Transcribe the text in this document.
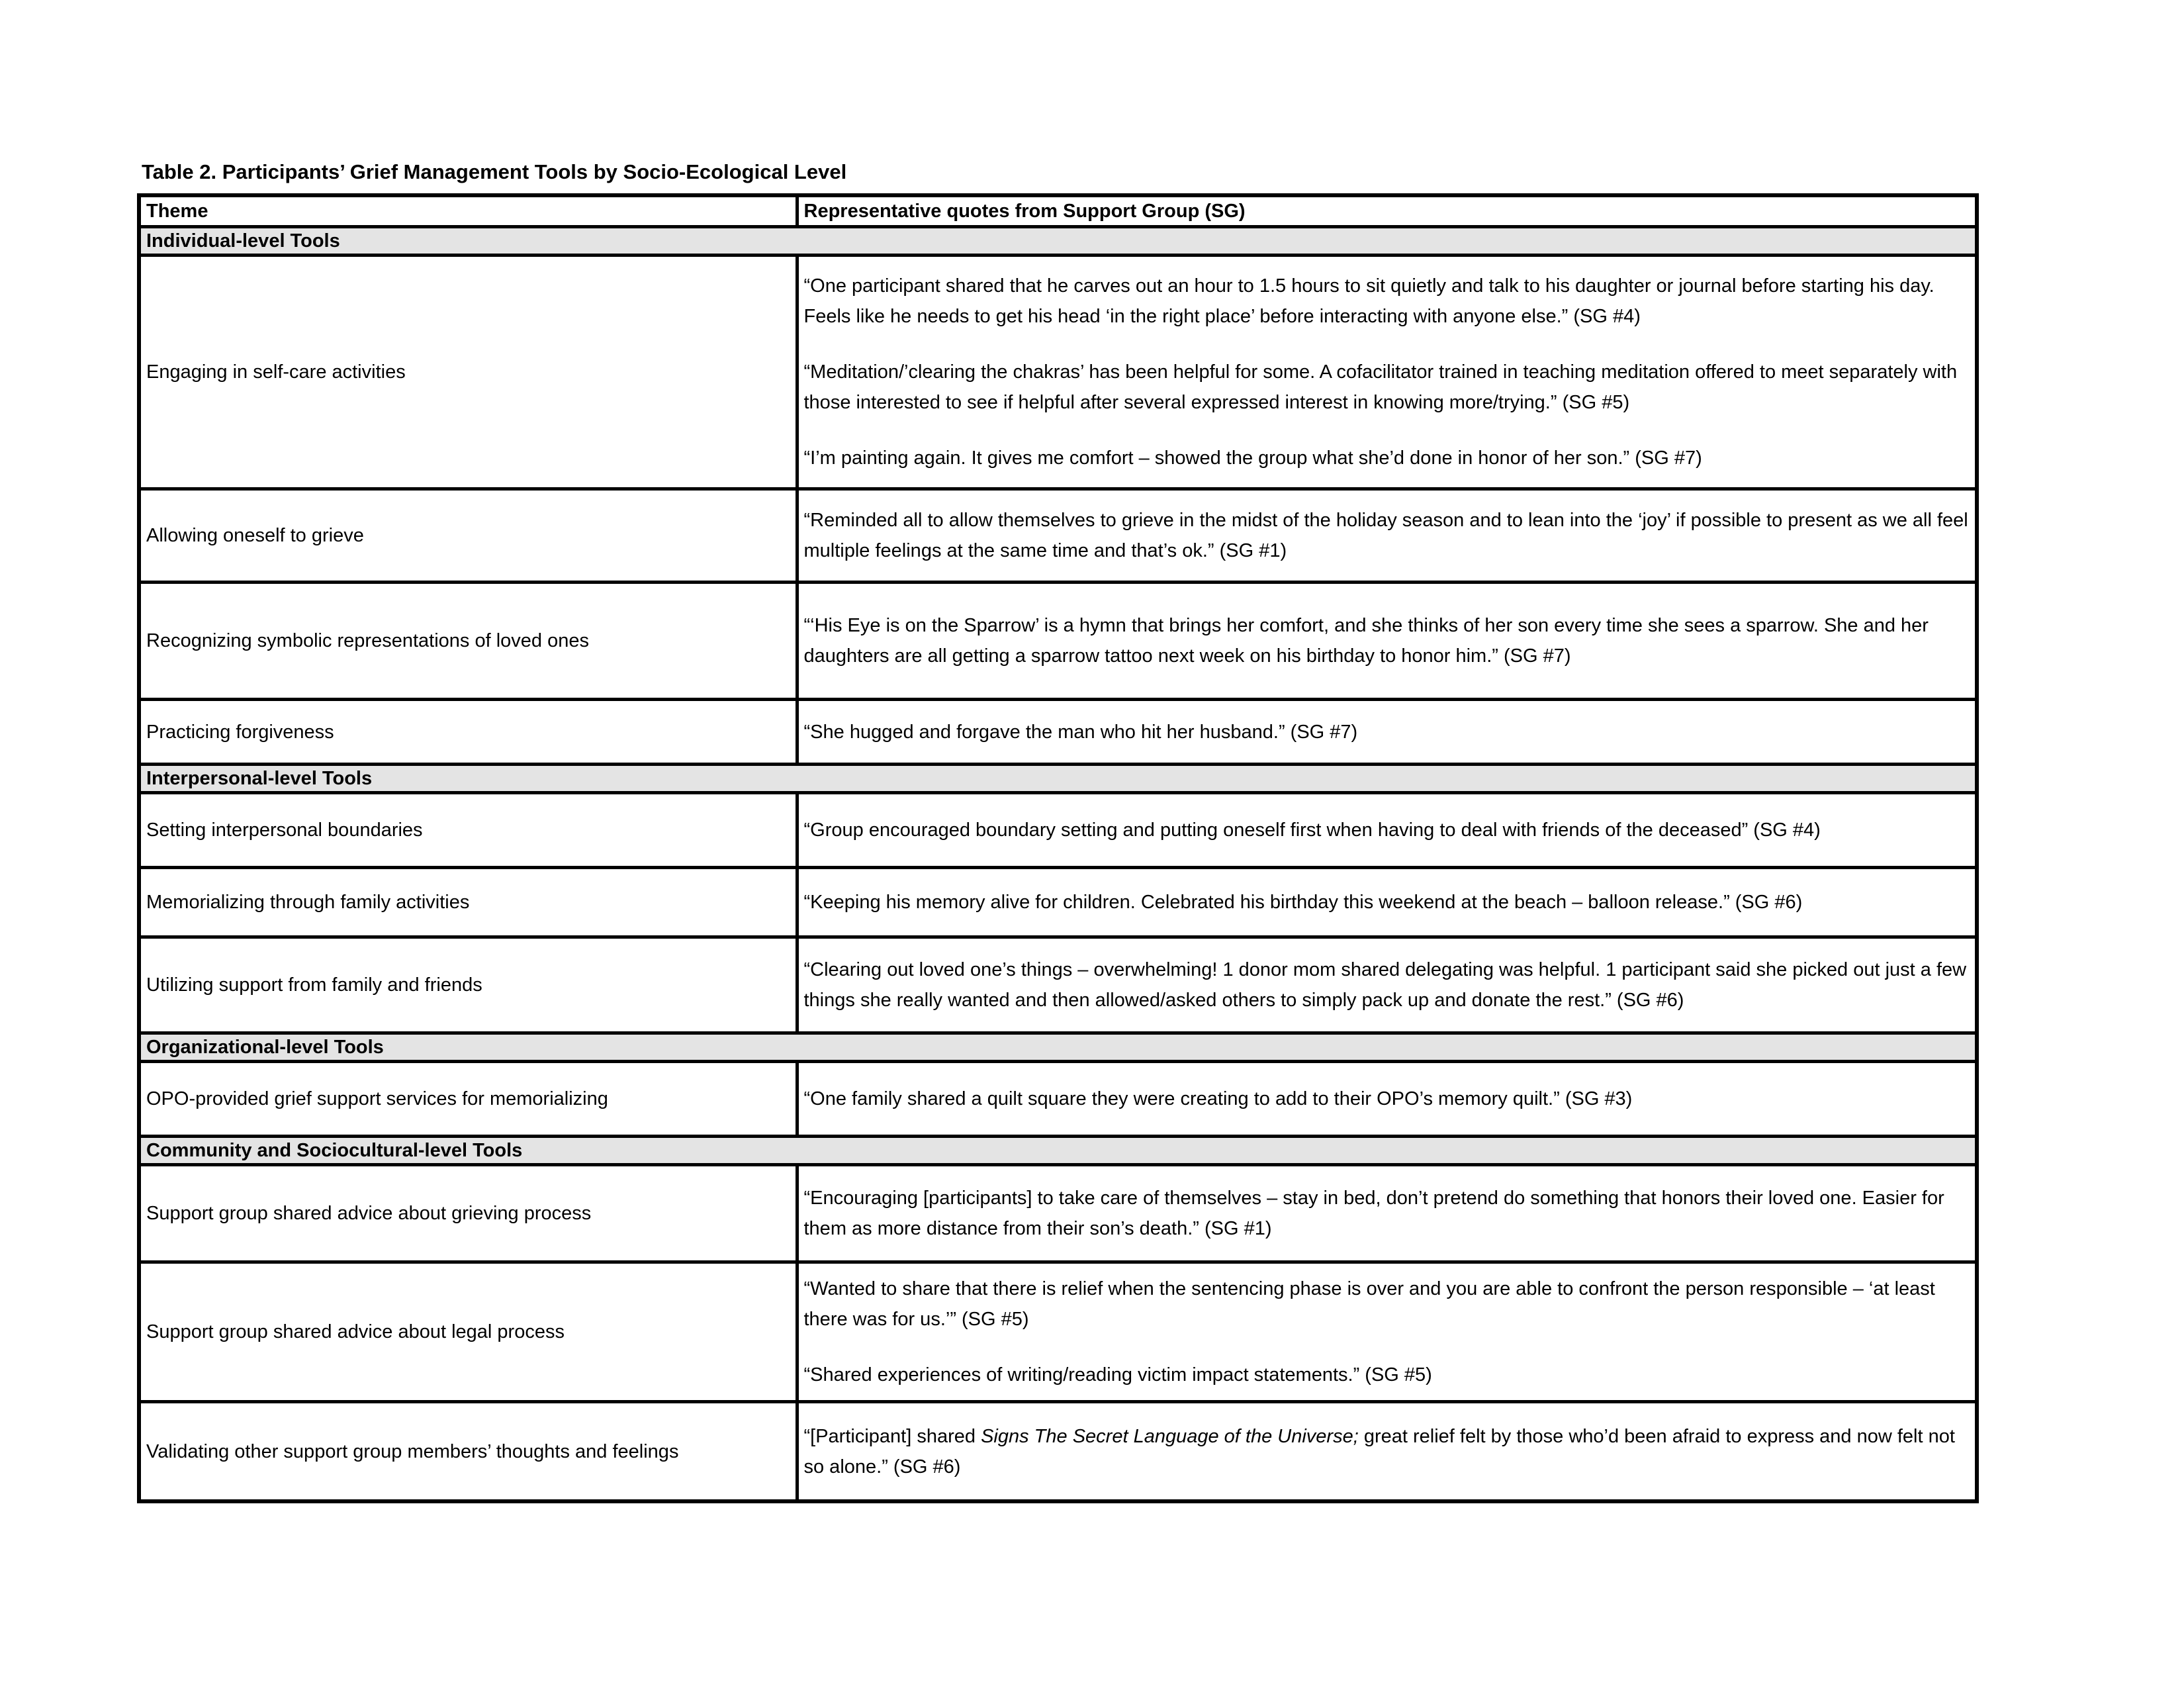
Table 2. Participants’ Grief Management Tools by Socio-Ecological Level
Theme	Representative quotes from Support Group (SG)
Individual-level Tools	
Engaging in self-care activities	“One participant shared that he carves out an hour to 1.5 hours to sit quietly and talk to his daughter or journal before starting his day. Feels like he needs to get his head ‘in the right place’ before interacting with anyone else.” (SG #4)

“Meditation/’clearing the chakras’ has been helpful for some. A cofacilitator trained in teaching meditation offered to meet separately with those interested to see if helpful after several expressed interest in knowing more/trying.” (SG #5)

“I’m painting again. It gives me comfort – showed the group what she’d done in honor of her son.” (SG #7)

Allowing oneself to grieve	“Reminded all to allow themselves to grieve in the midst of the holiday season and to lean into the ‘joy’ if possible to present as we all feel multiple feelings at the same time and that’s ok.” (SG #1)

Recognizing symbolic representations of loved ones	“‘His Eye is on the Sparrow’ is a hymn that brings her comfort, and she thinks of her son every time she sees a sparrow. She and her daughters are all getting a sparrow tattoo next week on his birthday to honor him.” (SG #7)

Practicing forgiveness	“She hugged and forgave the man who hit her husband.” (SG #7)

Interpersonal-level Tools	
Setting interpersonal boundaries	“Group encouraged boundary setting and putting oneself first when having to deal with friends of the deceased” (SG #4)

Memorializing through family activities	“Keeping his memory alive for children. Celebrated his birthday this weekend at the beach – balloon release.” (SG #6)

Utilizing support from family and friends	“Clearing out loved one’s things – overwhelming! 1 donor mom shared delegating was helpful. 1 participant said she picked out just a few things she really wanted and then allowed/asked others to simply pack up and donate the rest.” (SG #6)

Organizational-level Tools	
OPO-provided grief support services for memorializing	“One family shared a quilt square they were creating to add to their OPO’s memory quilt.” (SG #3)

Community and Sociocultural-level Tools	
Support group shared advice about grieving process	“Encouraging [participants] to take care of themselves – stay in bed, don’t pretend do something that honors their loved one. Easier for them as more distance from their son’s death.” (SG #1)

Support group shared advice about legal process	“Wanted to share that there is relief when the sentencing phase is over and you are able to confront the person responsible – ‘at least there was for us.’” (SG #5)

“Shared experiences of writing/reading victim impact statements.” (SG #5)

Validating other support group members’ thoughts and feelings	“[Participant] shared Signs The Secret Language of the Universe; great relief felt by those who’d been afraid to express and now felt not so alone.” (SG #6)
